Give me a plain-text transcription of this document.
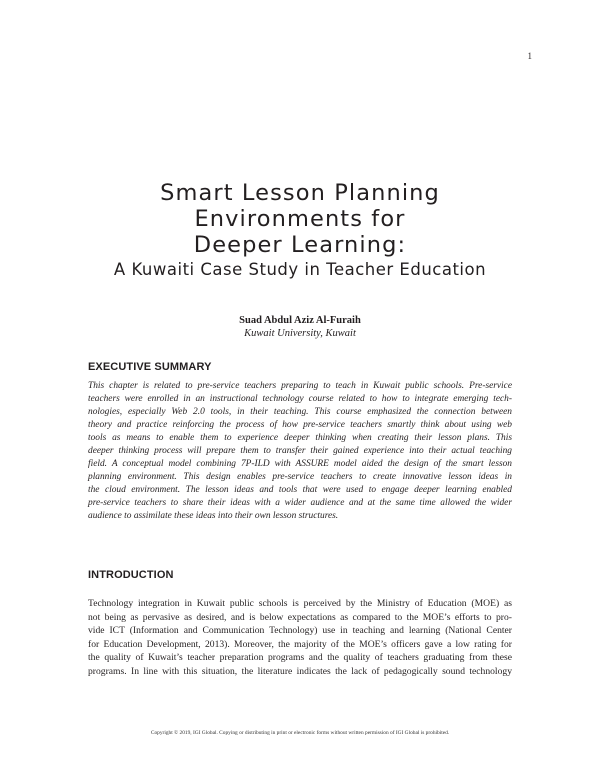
1
Smart Lesson Planning
Environments for
Deeper Learning:
A Kuwaiti Case Study in Teacher Education
Suad Abdul Aziz Al-Furaih
Kuwait University, Kuwait
EXECUTIVE SUMMARY
This chapter is related to pre-service teachers preparing to teach in Kuwait public schools. Pre-service
teachers were enrolled in an instructional technology course related to how to integrate emerging tech-
nologies, especially Web 2.0 tools, in their teaching. This course emphasized the connection between
theory and practice reinforcing the process of how pre-service teachers smartly think about using web
tools as means to enable them to experience deeper thinking when creating their lesson plans. This
deeper thinking process will prepare them to transfer their gained experience into their actual teaching
field. A conceptual model combining 7P-ILD with ASSURE model aided the design of the smart lesson
planning environment. This design enables pre-service teachers to create innovative lesson ideas in
the cloud environment. The lesson ideas and tools that were used to engage deeper learning enabled
pre-service teachers to share their ideas with a wider audience and at the same time allowed the wider
audience to assimilate these ideas into their own lesson structures.
INTRODUCTION
Technology integration in Kuwait public schools is perceived by the Ministry of Education (MOE) as
not being as pervasive as desired, and is below expectations as compared to the MOE’s efforts to pro-
vide ICT (Information and Communication Technology) use in teaching and learning (National Center
for Education Development, 2013). Moreover, the majority of the MOE’s officers gave a low rating for
the quality of Kuwait’s teacher preparation programs and the quality of teachers graduating from these
programs. In line with this situation, the literature indicates the lack of pedagogically sound technology
Copyright © 2019, IGI Global. Copying or distributing in print or electronic forms without written permission of IGI Global is prohibited.
